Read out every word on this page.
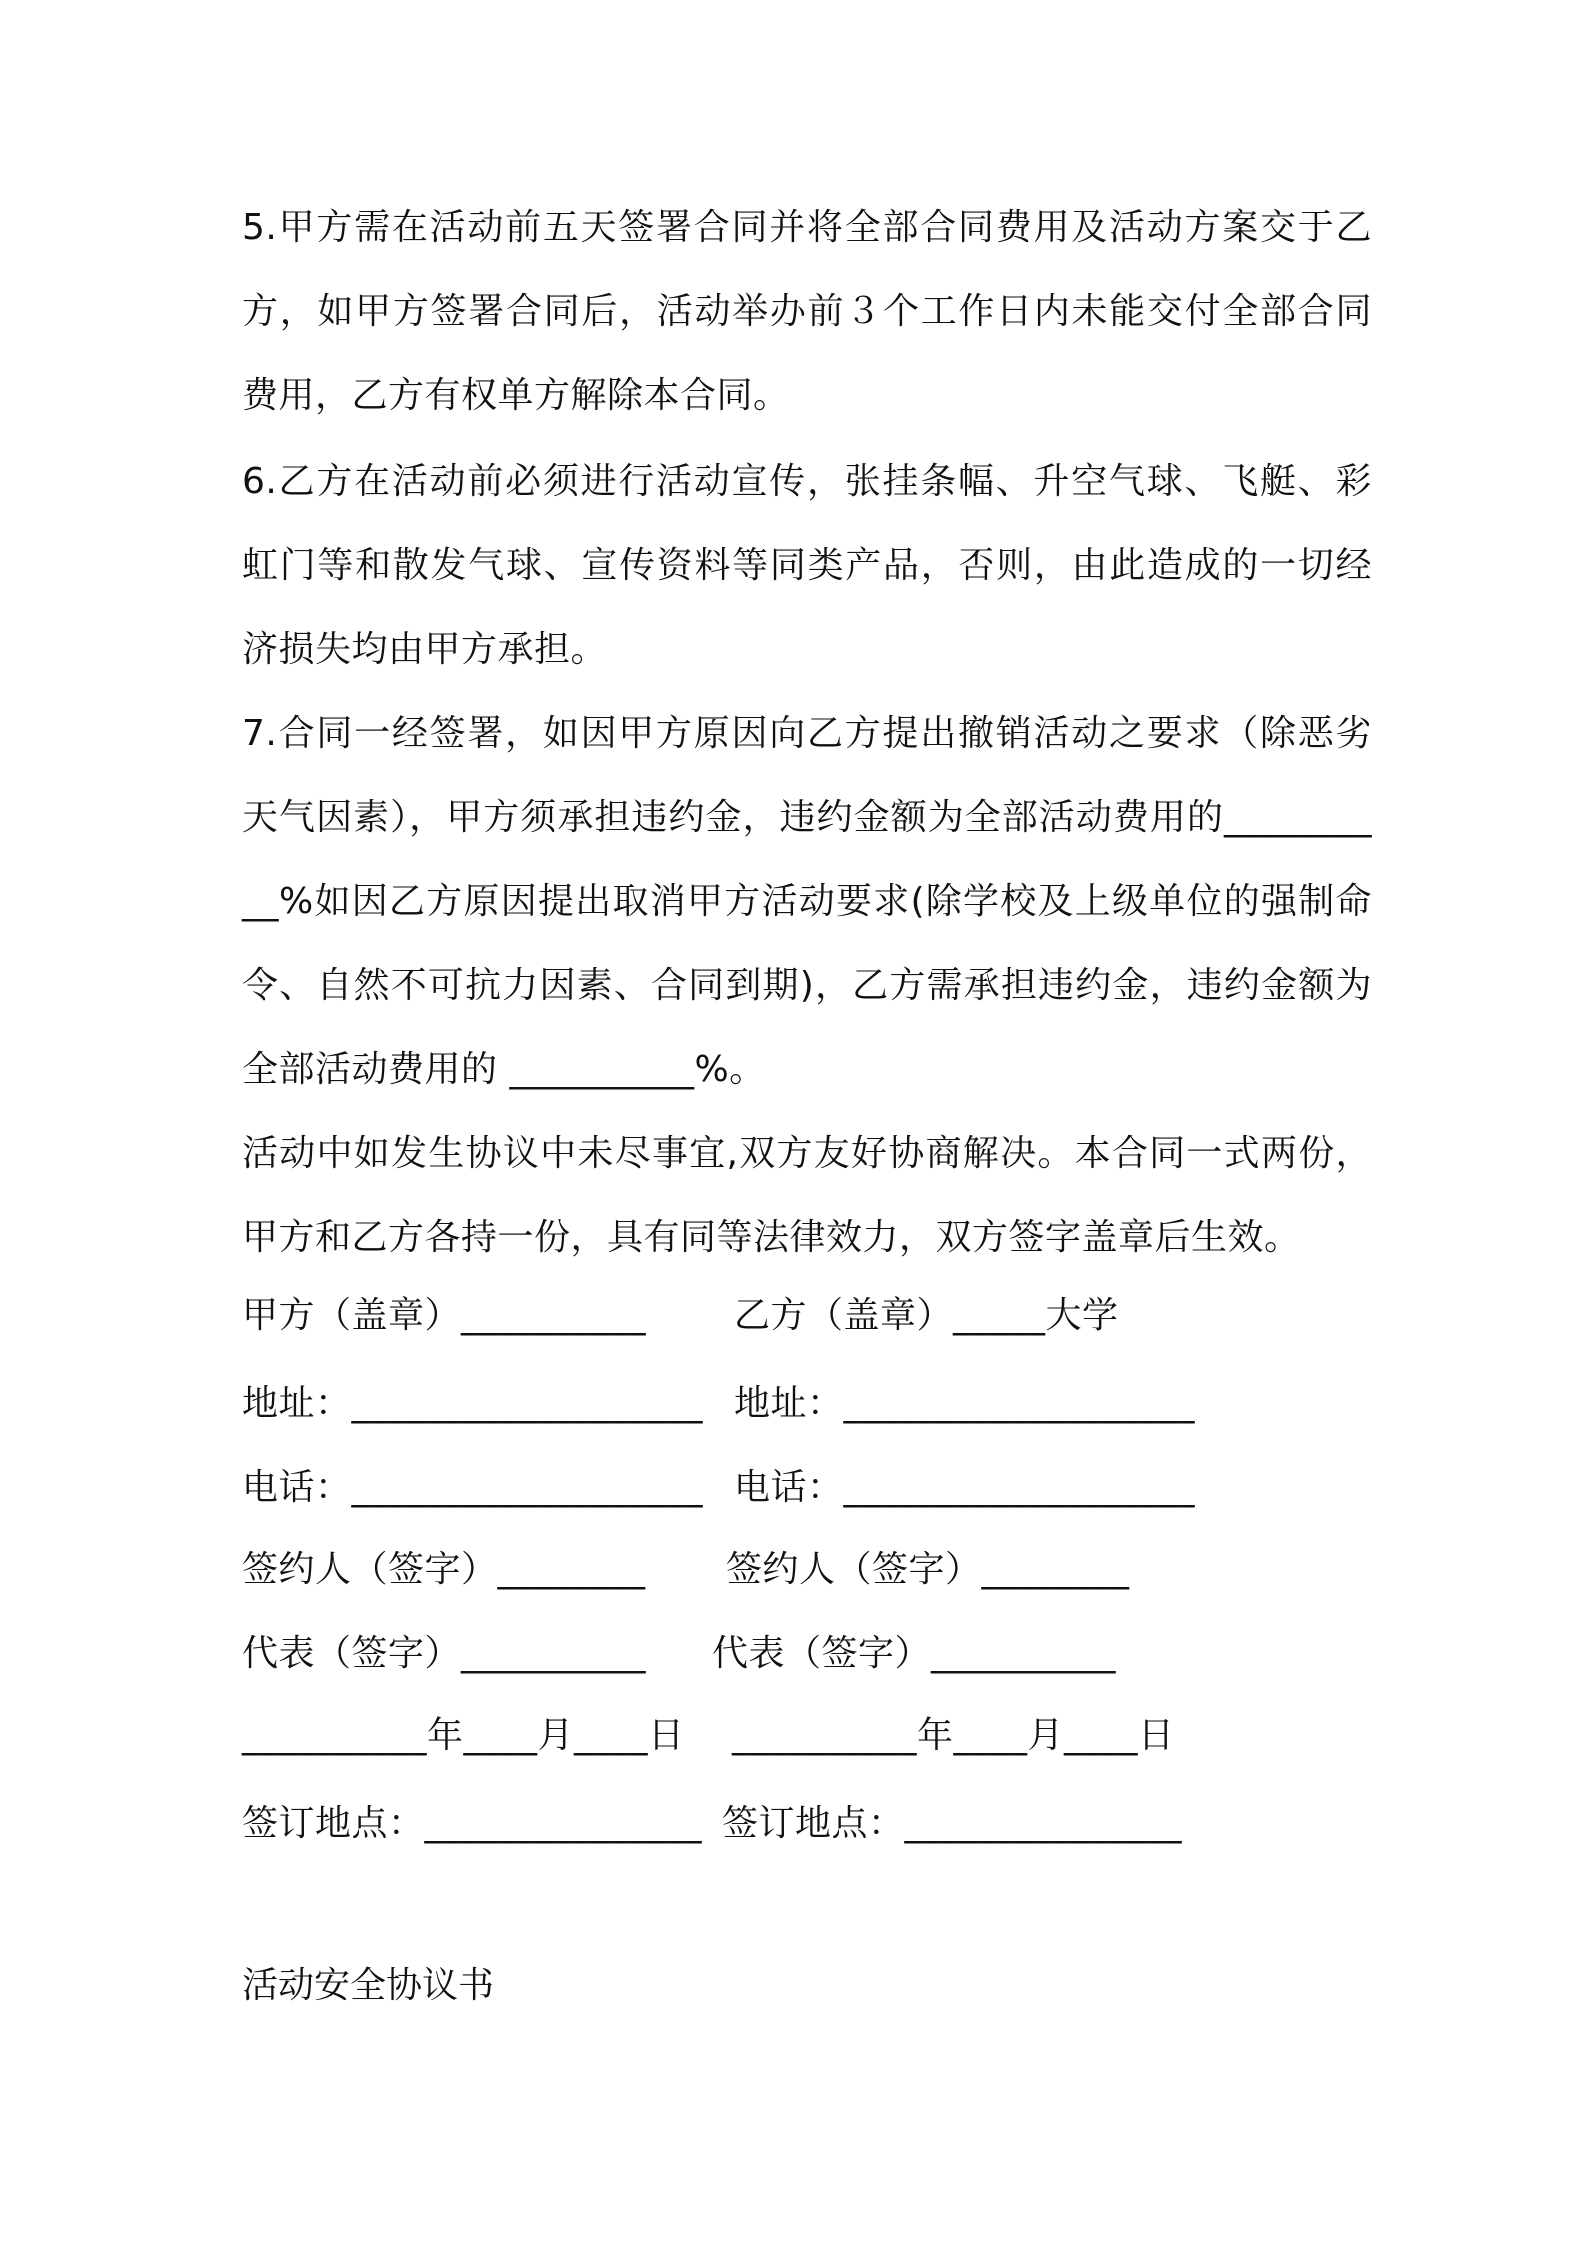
5.甲方需在活动前五天签署合同并将全部合同费用及活动方案交于乙方，如甲方签署合同后，活动举办前３个工作日内未能交付全部合同费用，乙方有权单方解除本合同。
6.乙方在活动前必须进行活动宣传，张挂条幅、升空气球、飞艇、彩虹门等和散发气球、宣传资料等同类产品，否则，由此造成的一切经济损失均由甲方承担。
7.合同一经签署，如因甲方原因向乙方提出撤销活动之要求（除恶劣天气因素），甲方须承担违约金，违约金额为全部活动费用的__________%如因乙方原因提出取消甲方活动要求(除学校及上级单位的强制命令、自然不可抗力因素、合同到期)，乙方需承担违约金，违约金额为全部活动费用的 __________%。
活动中如发生协议中未尽事宜,双方友好协商解决。本合同一式两份，甲方和乙方各持一份，具有同等法律效力，双方签字盖章后生效。
甲方（盖章）__________ 乙方（盖章）_____大学
地址：___________________ 地址：___________________
电话：___________________ 电话：___________________
签约人（签字）________ 签约人（签字）________
代表（签字）__________ 代表（签字）__________
__________年____月____日 __________年____月____日
签订地点：_______________ 签订地点：_______________
活动安全协议书
